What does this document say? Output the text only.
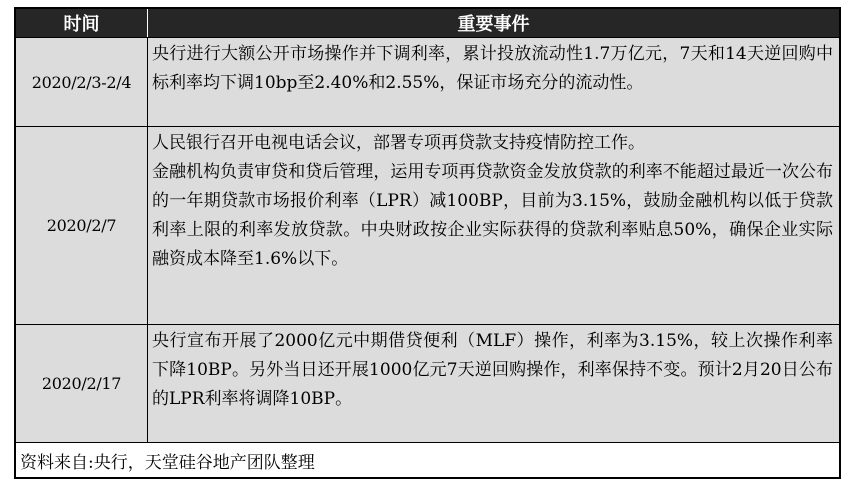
时间	重要事件
2020/2/3-2/4

央行进行大额公开市场操作并下调利率，累计投放流动性1.7万亿元，7天和14天逆回购中标利率均下调10bp至2.40%和2.55%，保证市场充分的流动性。

2020/2/7

人民银行召开电视电话会议，部署专项再贷款支持疫情防控工作。

金融机构负责审贷和贷后管理，运用专项再贷款资金发放贷款的利率不能超过最近一次公布的一年期贷款市场报价利率（LPR）减100BP，目前为3.15%，鼓励金融机构以低于贷款利率上限的利率发放贷款。中央财政按企业实际获得的贷款利率贴息50%，确保企业实际融资成本降至1.6%以下。

2020/2/17

央行宣布开展了2000亿元中期借贷便利（MLF）操作，利率为3.15%，较上次操作利率下降10BP。另外当日还开展1000亿元7天逆回购操作，利率保持不变。预计2月20日公布的LPR利率将调降10BP。

资料来自:央行，天堂硅谷地产团队整理
